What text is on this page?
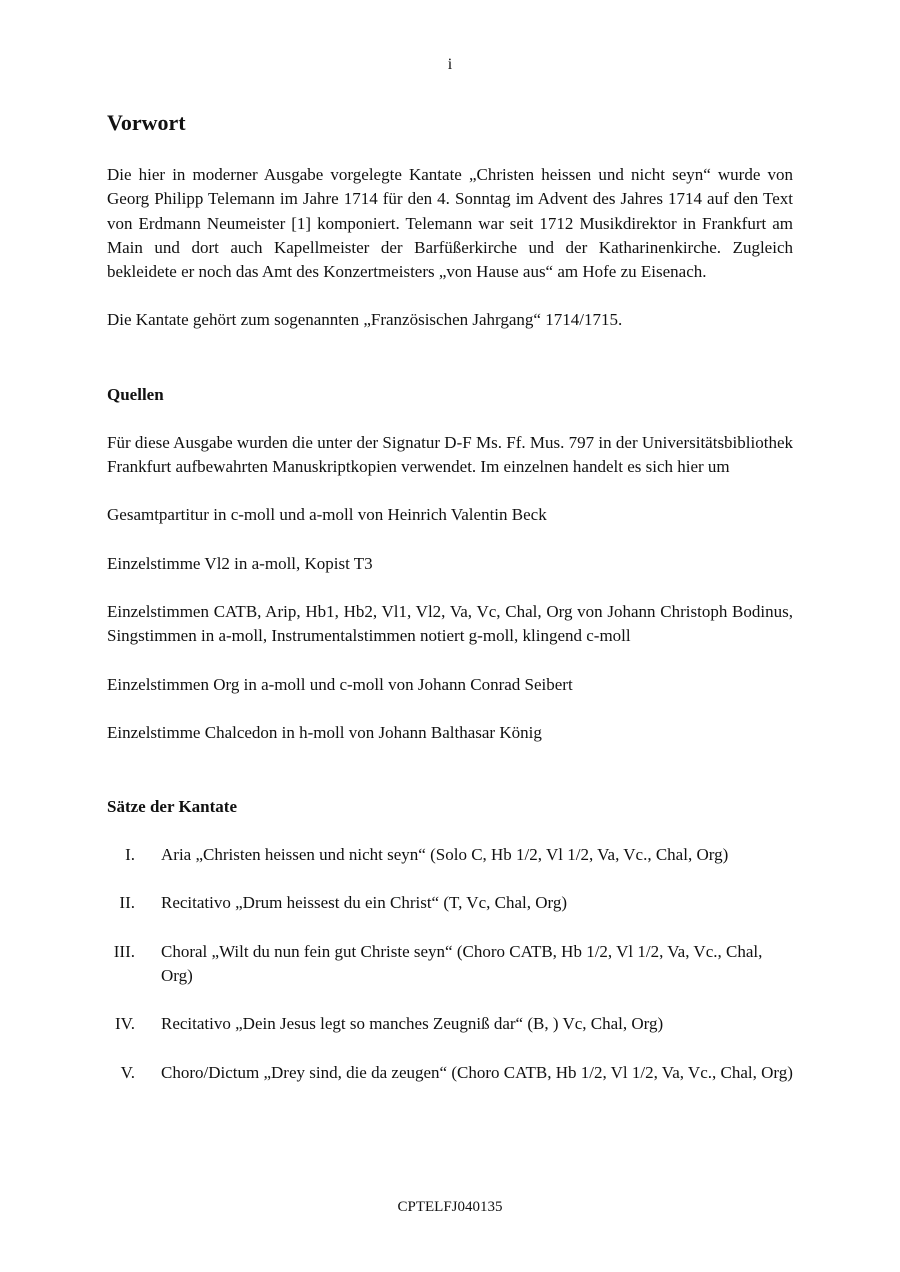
i
Vorwort

Die hier in moderner Ausgabe vorgelegte Kantate „Christen heissen und nicht seyn“ wurde von Georg Philipp Telemann im Jahre 1714 für den 4. Sonntag im Advent des Jahres 1714 auf den Text von Erdmann Neumeister [1] komponiert. Telemann war seit 1712 Musikdirektor in Frankfurt am Main und dort auch Kapellmeister der Barfüßerkirche und der Katharinenkirche. Zugleich bekleidete er noch das Amt des Konzertmeisters „von Hause aus“ am Hofe zu Eisenach.

Die Kantate gehört zum sogenannten „Französischen Jahrgang“ 1714/1715.

Quellen

Für diese Ausgabe wurden die unter der Signatur D-F Ms. Ff. Mus. 797 in der Universitätsbibliothek Frankfurt aufbewahrten Manuskriptkopien verwendet. Im einzelnen handelt es sich hier um

Gesamtpartitur in c-moll und a-moll von Heinrich Valentin Beck

Einzelstimme Vl2 in a-moll, Kopist T3

Einzelstimmen CATB, Arip, Hb1, Hb2, Vl1, Vl2, Va, Vc, Chal, Org von Johann Christoph Bodinus, Singstimmen in a-moll, Instrumentalstimmen notiert g-moll, klingend c-moll

Einzelstimmen Org in a-moll und c-moll von Johann Conrad Seibert

Einzelstimme Chalcedon in h-moll von Johann Balthasar König

Sätze der Kantate
I. Aria „Christen heissen und nicht seyn“ (Solo C, Hb 1/2, Vl 1/2, Va, Vc., Chal, Org)
II. Recitativo „Drum heissest du ein Christ“ (T, Vc, Chal, Org)
III. Choral „Wilt du nun fein gut Christe seyn“ (Choro CATB, Hb 1/2, Vl 1/2, Va, Vc., Chal, Org)
IV. Recitativo „Dein Jesus legt so manches Zeugniß dar“ (B, ) Vc, Chal, Org)
V. Choro/Dictum „Drey sind, die da zeugen“ (Choro CATB, Hb 1/2, Vl 1/2, Va, Vc., Chal, Org)
CPTELFJ040135
